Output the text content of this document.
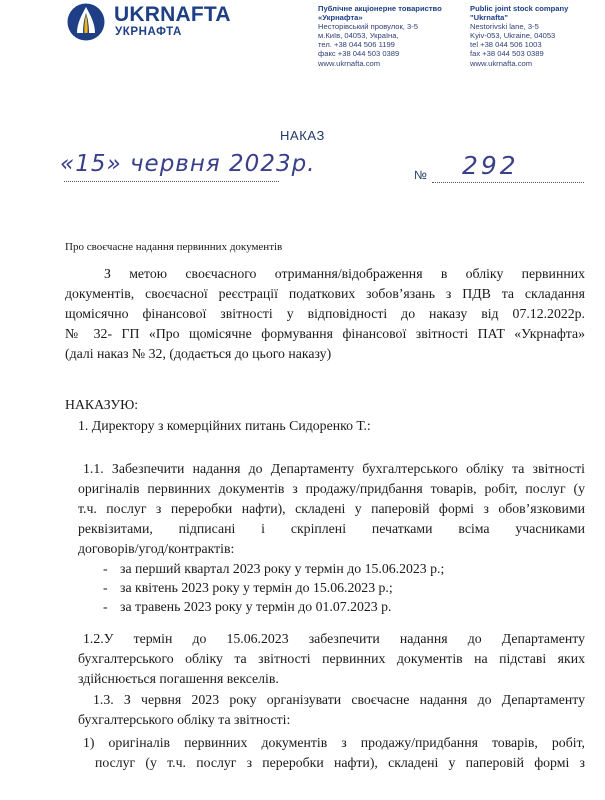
UKRNAFTA
УКРНАФТА
Публічне акціонерне товариство
«Укрнафта»
Несторівський провулок, 3-5
м.Київ, 04053, Україна,
тел. +38 044 506 1199
факс +38 044 503 0389
www.ukrnafta.com
Public joint stock company
"Ukrnafta"
Nestorivski lane, 3-5
Kyiv-053, Ukraine, 04053
tel +38 044 506 1003
fax +38 044 503 0389
www.ukrnafta.com
НАКАЗ
«15» червня 2023р.	№ 292
Про своєчасне надання первинних документів
З метою своєчасного отримання/відображення в обліку первинних
документів, своєчасної реєстрації податкових зобов’язань з ПДВ та складання
щомісячно фінансової звітності у відповідності до наказу від 07.12.2022р.
№ 32- ГП «Про щомісячне формування фінансової звітності ПАТ «Укрнафта»
(далі наказ № 32, (додається до цього наказу)
НАКАЗУЮ:
1. Директору з комерційних питань Сидоренко Т.:
1.1. Забезпечити надання до Департаменту бухгалтерського обліку та звітності
оригіналів первинних документів з продажу/придбання товарів, робіт, послуг (у
т.ч. послуг з переробки нафти), складені у паперовій формі з обов’язковими
реквізитами, підписані і скріплені печатками всіма учасниками
договорів/угод/контрактів:
- за перший квартал 2023 року у термін до 15.06.2023 р.;
- за квітень 2023 року у термін до 15.06.2023 р.;
- за травень 2023 року у термін до 01.07.2023 р.
1.2.У термін до 15.06.2023 забезпечити надання до Департаменту
бухгалтерського обліку та звітності первинних документів на підставі яких
здійснюється погашення векселів.
1.3. З червня 2023 року організувати своєчасне надання до Департаменту
бухгалтерського обліку та звітності:
1) оригіналів первинних документів з продажу/придбання товарів, робіт,
послуг (у т.ч. послуг з переробки нафти), складені у паперовій формі з
